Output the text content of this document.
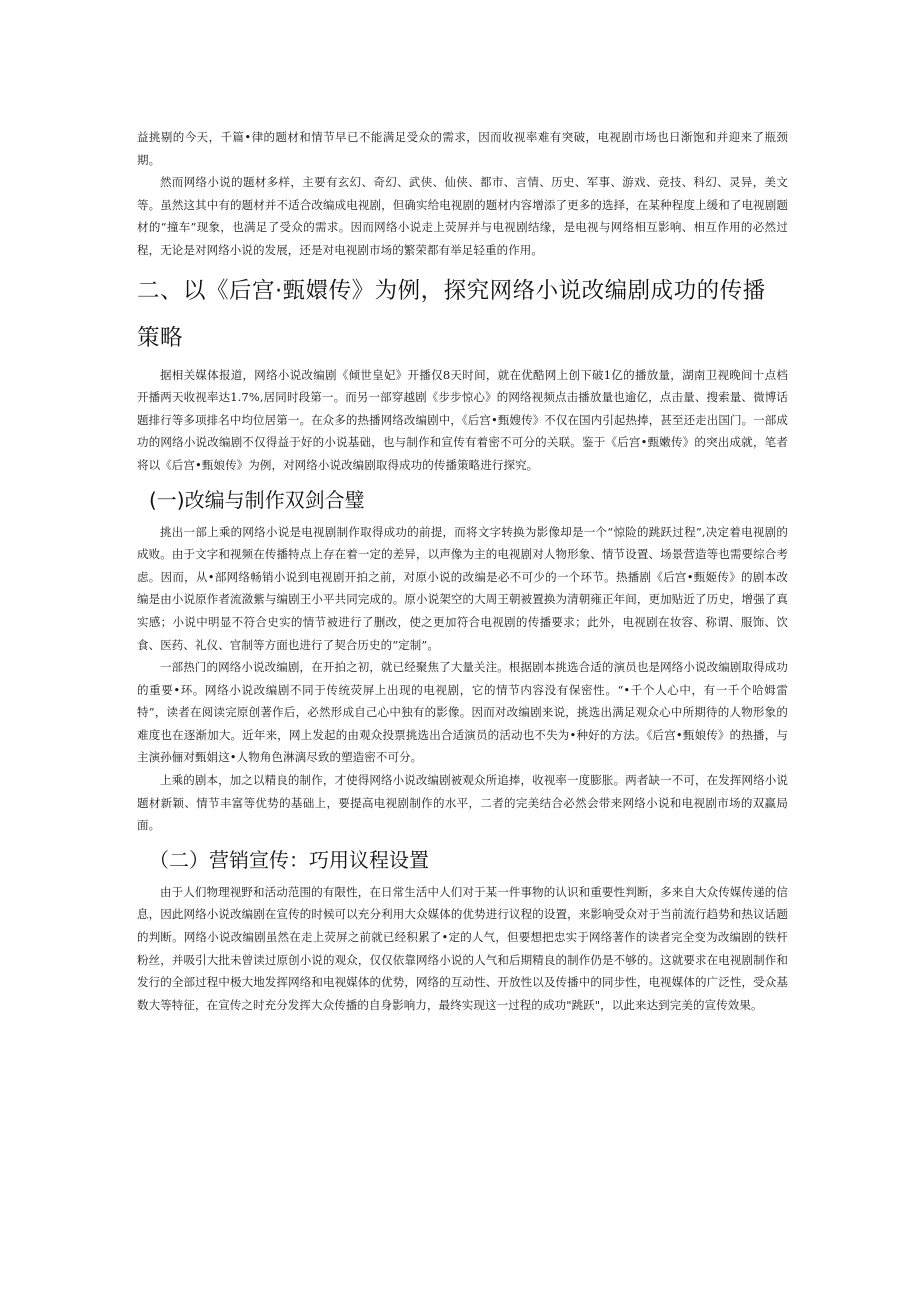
益挑剔的今天，千篇•律的题材和情节早已不能满足受众的需求，因而收视率难有突破，电视剧市场也日渐饱和并迎来了瓶颈期。

然而网络小说的题材多样，主要有玄幻、奇幻、武侠、仙侠、都市、言情、历史、军事、游戏、竞技、科幻、灵异，美文等。虽然这其中有的题材并不适合改编成电视剧，但确实给电视剧的题材内容增添了更多的选择，在某种程度上缓和了电视剧题材的“撞车”现象，也满足了受众的需求。因而网络小说走上荧屏并与电视剧结缘，是电视与网络相互影响、相互作用的必然过程，无论是对网络小说的发展，还是对电视剧市场的繁荣都有举足轻重的作用。

二、以《后宫·甄嬛传》为例，探究网络小说改编剧成功的传播策略

据相关媒体报道，网络小说改编剧《倾世皇妃》开播仅8天时间，就在优酷网上创下破1亿的播放量，湖南卫视晚间十点档开播两天收视率达1.7%,居同时段第一。而另一部穿越剧《步步惊心》的网络视频点击播放量也逾亿，点击量、搜索量、微博话题排行等多项排名中均位居第一。在众多的热播网络改编剧中，《后宫•甄嫂传》不仅在国内引起热捧，甚至还走出国门。一部成功的网络小说改编剧不仅得益于好的小说基础，也与制作和宣传有着密不可分的关联。鉴于《后宫•甄嫩传》的突出成就，笔者将以《后宫•甄娘传》为例，对网络小说改编剧取得成功的传播策略进行探究。

(一)改编与制作双剑合璧

挑出一部上乘的网络小说是电视剧制作取得成功的前提，而将文字转换为影像却是一个“惊险的跳跃过程”,决定着电视剧的成败。由于文字和视频在传播特点上存在着一定的差异，以声像为主的电视剧对人物形象、情节设置、场景营造等也需要综合考虑。因而，从•部网络畅销小说到电视剧开拍之前，对原小说的改编是必不可少的一个环节。热播剧《后宫•甄姬传》的剧本改编是由小说原作者流潋紫与编剧王小平共同完成的。原小说架空的大周王朝被置换为清朝雍正年间，更加贴近了历史，增强了真实感；小说中明显不符合史实的情节被进行了删改，使之更加符合电视剧的传播要求；此外，电视剧在妆容、称谓、服饰、饮食、医药、礼仪、官制等方面也进行了契合历史的“定制”。

一部热门的网络小说改编剧，在开拍之初，就已经聚焦了大量关注。根据剧本挑选合适的演员也是网络小说改编剧取得成功的重要•环。网络小说改编剧不同于传统荧屏上出现的电视剧，它的情节内容没有保密性。“•千个人心中，有一千个哈姆雷特”，读者在阅读完原创著作后，必然形成自己心中独有的影像。因而对改编剧来说，挑选出满足观众心中所期待的人物形象的难度也在逐渐加大。近年来，网上发起的由观众投票挑选出合适演员的活动也不失为•种好的方法。《后宫•甄娘传》的热播，与主演孙俪对甄娟这•人物角色淋漓尽致的塑造密不可分。

上乘的剧本，加之以精良的制作，才使得网络小说改编剧被观众所追捧，收视率一度膨胀。两者缺一不可，在发挥网络小说题材新颖、情节丰富等优势的基础上，要提高电视剧制作的水平，二者的完美结合必然会带来网络小说和电视剧市场的双赢局面。

（二）营销宣传：巧用议程设置

由于人们物理视野和活动范围的有限性，在日常生活中人们对于某一件事物的认识和重要性判断，多来自大众传媒传递的信息，因此网络小说改编剧在宣传的时候可以充分利用大众媒体的优势进行议程的设置，来影响受众对于当前流行趋势和热议话题的判断。网络小说改编剧虽然在走上荧屏之前就已经积累了•定的人气，但要想把忠实于网络著作的读者完全变为改编剧的铁杆粉丝，并吸引大批未曾读过原创小说的观众，仅仅依靠网络小说的人气和后期精良的制作仍是不够的。这就要求在电视剧制作和发行的全部过程中极大地发挥网络和电视媒体的优势，网络的互动性、开放性以及传播中的同步性，电视媒体的广泛性，受众基数大等特征，在宣传之时充分发挥大众传播的自身影响力，最终实现这一过程的成功"跳跃"，以此来达到完美的宣传效果。
